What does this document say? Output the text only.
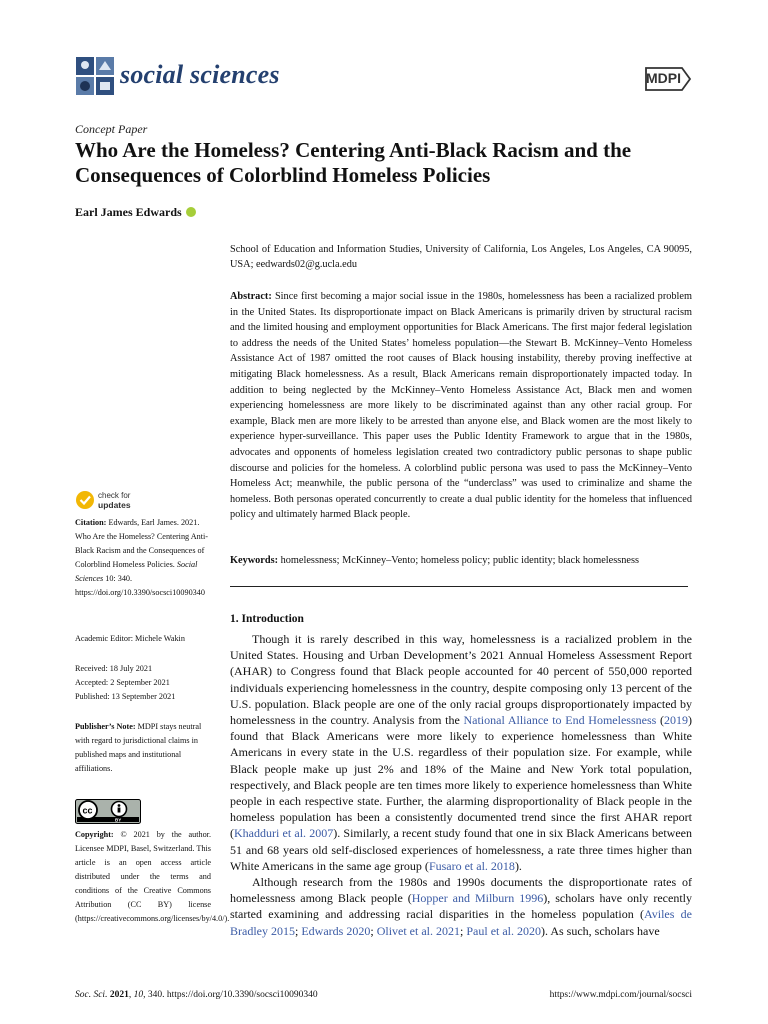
social sciences	MDPI
Concept Paper
Who Are the Homeless? Centering Anti-Black Racism and the Consequences of Colorblind Homeless Policies
Earl James Edwards
School of Education and Information Studies, University of California, Los Angeles, Los Angeles, CA 90095, USA; eedwards02@g.ucla.edu
Abstract: Since first becoming a major social issue in the 1980s, homelessness has been a racialized problem in the United States. Its disproportionate impact on Black Americans is primarily driven by structural racism and the limited housing and employment opportunities for Black Americans. The first major federal legislation to address the needs of the United States’ homeless population—the Stewart B. McKinney–Vento Homeless Assistance Act of 1987 omitted the root causes of Black housing instability, thereby proving ineffective at mitigating Black homelessness. As a result, Black Americans remain disproportionately impacted today. In addition to being neglected by the McKinney–Vento Homeless Assistance Act, Black men and women experiencing homelessness are more likely to be discriminated against than any other racial group. For example, Black men are more likely to be arrested than anyone else, and Black women are the most likely to experience hyper-surveillance. This paper uses the Public Identity Framework to argue that in the 1980s, advocates and opponents of homeless legislation created two contradictory public personas to shape public discourse and policies for the homeless. A colorblind public persona was used to pass the McKinney–Vento Homeless Act; meanwhile, the public persona of the “underclass” was used to criminalize and shame the homeless. Both personas operated concurrently to create a dual public identity for the homeless that influenced policy and ultimately harmed Black people.
Keywords: homelessness; McKinney–Vento; homeless policy; public identity; black homelessness
1. Introduction

Though it is rarely described in this way, homelessness is a racialized problem in the United States. Housing and Urban Development’s 2021 Annual Homeless Assessment Report (AHAR) to Congress found that Black people accounted for 40 percent of 550,000 reported individuals experiencing homelessness in the country, despite composing only 13 percent of the U.S. population. Black people are one of the only racial groups disproportionately impacted by homelessness in the country. Analysis from the National Alliance to End Homelessness (2019) found that Black Americans were more likely to experience homelessness than White Americans in every state in the U.S. regardless of their population size. For example, while Black people make up just 2% and 18% of the Maine and New York total population, respectively, and Black people are ten times more likely to experience homelessness than White people in each respective state. Further, the alarming disproportionality of Black people in the homeless population has been a consistently documented trend since the first AHAR report (Khadduri et al. 2007). Similarly, a recent study found that one in six Black Americans between 51 and 68 years old self-disclosed experiences of homelessness, a rate three times higher than White Americans in the same age group (Fusaro et al. 2018).

Although research from the 1980s and 1990s documents the disproportionate rates of homelessness among Black people (Hopper and Milburn 1996), scholars have only recently started examining and addressing racial disparities in the homeless population (Aviles de Bradley 2015; Edwards 2020; Olivet et al. 2021; Paul et al. 2020). As such, scholars have

check for
updates
Citation: Edwards, Earl James. 2021. Who Are the Homeless? Centering Anti-Black Racism and the Consequences of Colorblind Homeless Policies. Social Sciences 10: 340. https://doi.org/10.3390/socsci10090340
Academic Editor: Michele Wakin
Received: 18 July 2021
Accepted: 2 September 2021
Published: 13 September 2021
Publisher’s Note: MDPI stays neutral with regard to jurisdictional claims in published maps and institutional affiliations.
cc
BY
Copyright: © 2021 by the author. Licensee MDPI, Basel, Switzerland. This article is an open access article distributed under the terms and conditions of the Creative Commons Attribution (CC BY) license (https://creativecommons.org/licenses/by/4.0/).
Soc. Sci. 2021, 10, 340. https://doi.org/10.3390/socsci10090340	https://www.mdpi.com/journal/socsci
